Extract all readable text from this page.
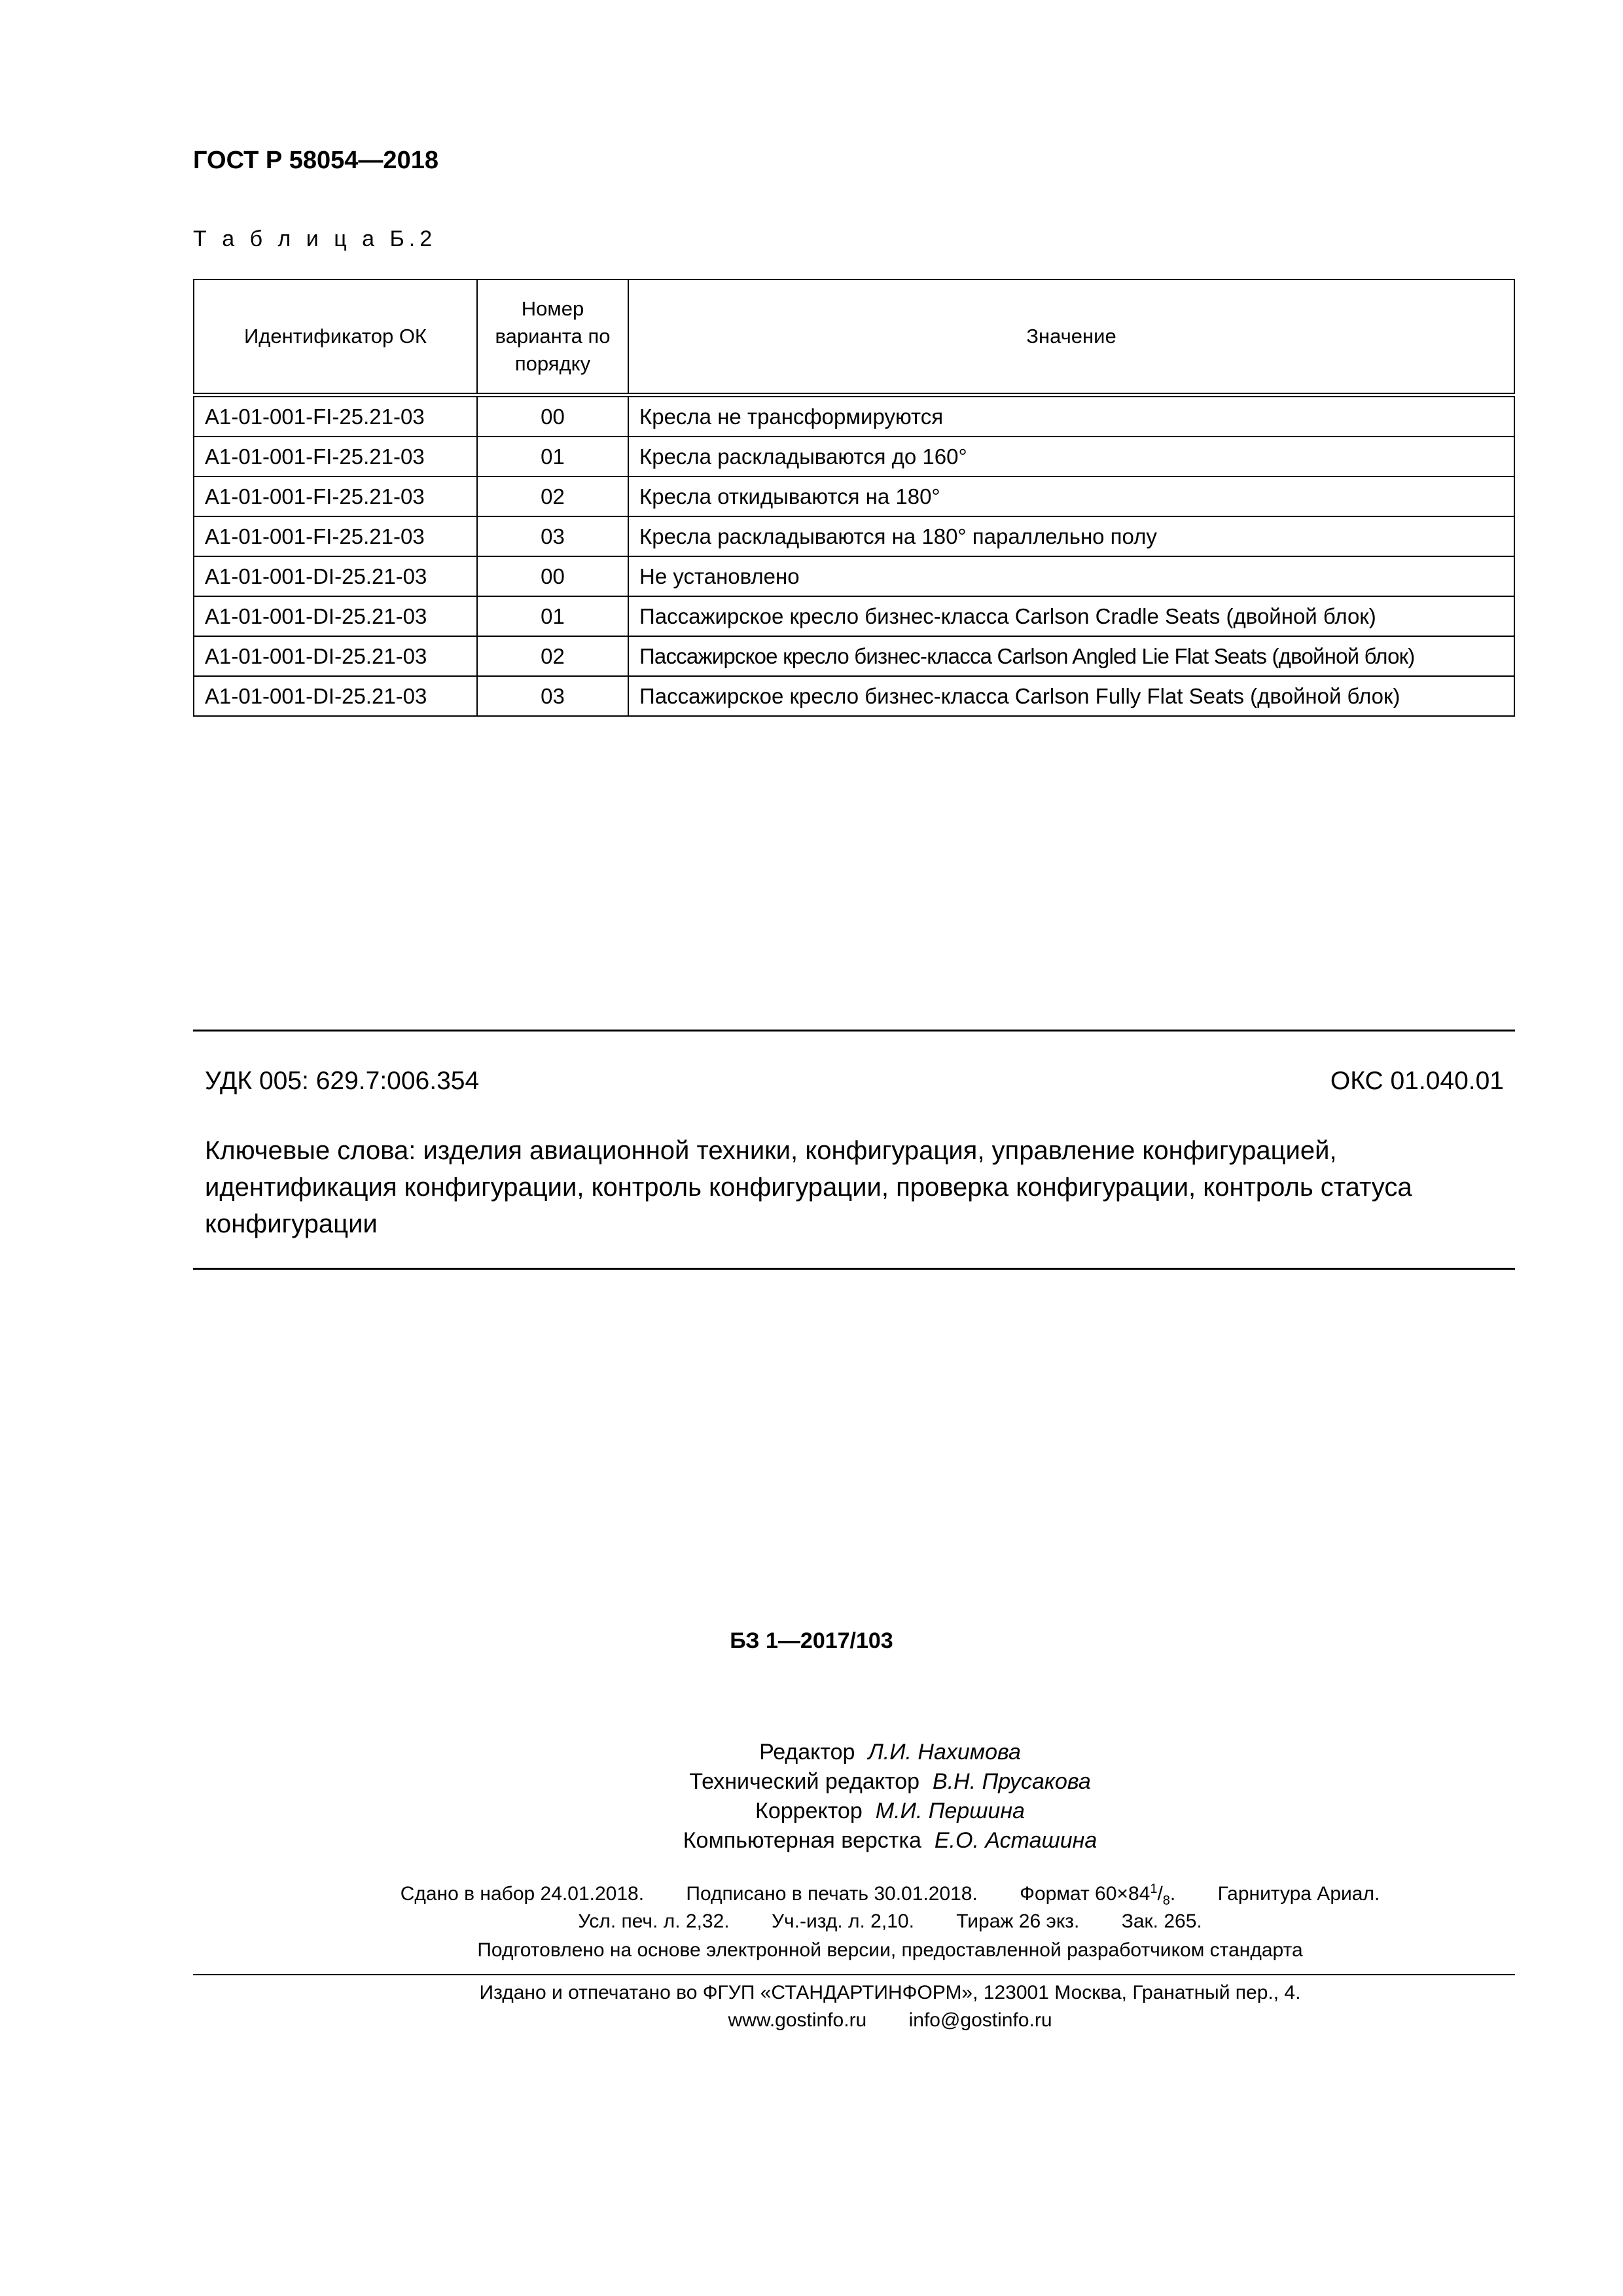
ГОСТ Р 58054—2018
Т а б л и ц а Б.2
Идентификатор ОК	Номер варианта по порядку	Значение
A1-01-001-FI-25.21-03	00	Кресла не трансформируются
A1-01-001-FI-25.21-03	01	Кресла раскладываются до 160°
A1-01-001-FI-25.21-03	02	Кресла откидываются на 180°
A1-01-001-FI-25.21-03	03	Кресла раскладываются на 180° параллельно полу
A1-01-001-DI-25.21-03	00	Не установлено
A1-01-001-DI-25.21-03	01	Пассажирское кресло бизнес-класса Carlson Cradle Seats (двойной блок)
A1-01-001-DI-25.21-03	02	Пассажирское кресло бизнес-класса Carlson Angled Lie Flat Seats (двойной блок)
A1-01-001-DI-25.21-03	03	Пассажирское кресло бизнес-класса Carlson Fully Flat Seats (двойной блок)
УДК 005: 629.7:006.354	ОКС 01.040.01
Ключевые слова: изделия авиационной техники, конфигурация, управление конфигурацией, идентификация конфигурации, контроль конфигурации, проверка конфигурации, контроль статуса конфигурации
БЗ 1—2017/103
Редактор Л.И. Нахимова
Технический редактор В.Н. Прусакова
Корректор М.И. Першина
Компьютерная верстка Е.О. Асташина
Сдано в набор 24.01.2018. Подписано в печать 30.01.2018. Формат $60\times 84^1/_8$. Гарнитура Ариал.
Усл. печ. л. 2,32. Уч.-изд. л. 2,10. Тираж 26 экз. Зак. 265.
Подготовлено на основе электронной версии, предоставленной разработчиком стандарта
Издано и отпечатано во ФГУП «СТАНДАРТИНФОРМ», 123001 Москва, Гранатный пер., 4.
www.gostinfo.ru info@gostinfo.ru
